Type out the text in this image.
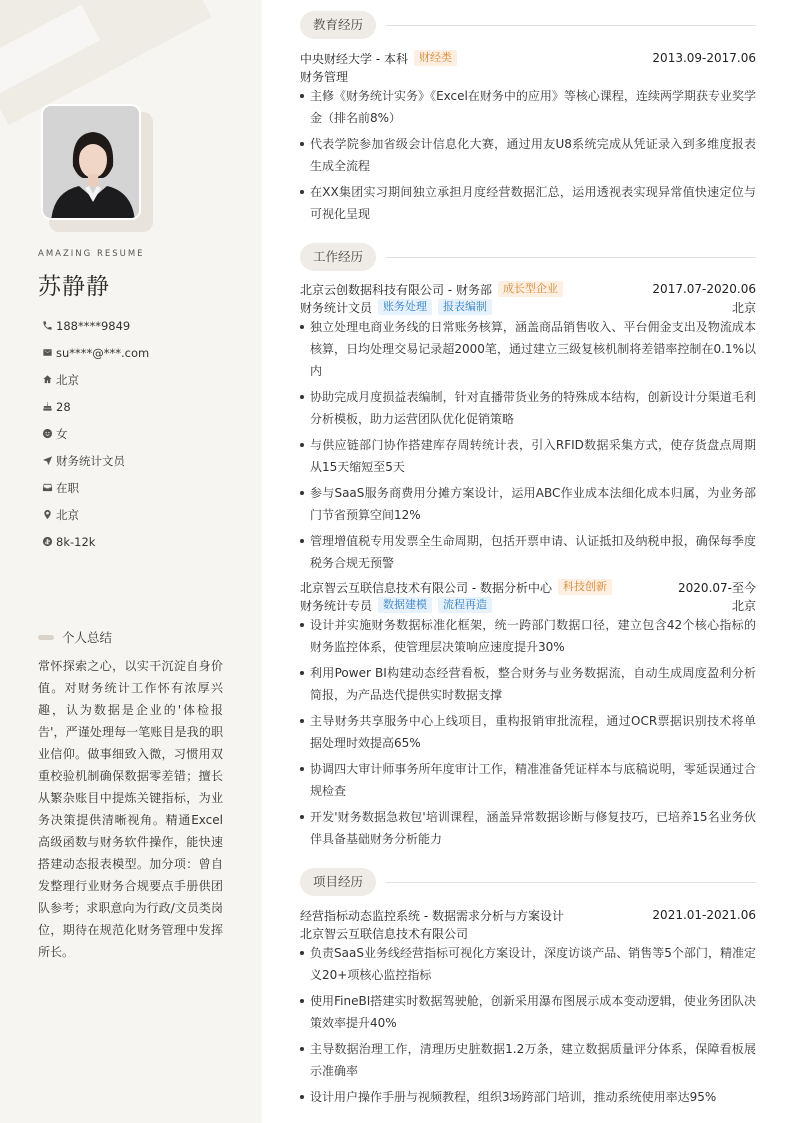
AMAZING RESUME
苏静静
188****9849
su****@***.com
北京
28
女
财务统计文员
在职
北京
8k-12k
个人总结
常怀探索之心，以实干沉淀自身价值。对财务统计工作怀有浓厚兴趣，认为数据是企业的'体检报告'，严谨处理每一笔账目是我的职业信仰。做事细致入微，习惯用双重校验机制确保数据零差错；擅长从繁杂账目中提炼关键指标，为业务决策提供清晰视角。精通Excel高级函数与财务软件操作，能快速搭建动态报表模型。加分项：曾自发整理行业财务合规要点手册供团队参考；求职意向为行政/文员类岗位，期待在规范化财务管理中发挥所长。
教育经历
中央财经大学 - 本科	财经类	2013.09-2017.06
财务管理
主修《财务统计实务》《Excel在财务中的应用》等核心课程，连续两学期获专业奖学金（排名前8%）
代表学院参加省级会计信息化大赛，通过用友U8系统完成从凭证录入到多维度报表生成全流程
在XX集团实习期间独立承担月度经营数据汇总，运用透视表实现异常值快速定位与可视化呈现
工作经历
北京云创数据科技有限公司 - 财务部	成长型企业	2017.07-2020.06
财务统计文员	账务处理	报表编制	北京
独立处理电商业务线的日常账务核算，涵盖商品销售收入、平台佣金支出及物流成本核算，日均处理交易记录超2000笔，通过建立三级复核机制将差错率控制在0.1%以内
协助完成月度损益表编制，针对直播带货业务的特殊成本结构，创新设计分渠道毛利分析模板，助力运营团队优化促销策略
与供应链部门协作搭建库存周转统计表，引入RFID数据采集方式，使存货盘点周期从15天缩短至5天
参与SaaS服务商费用分摊方案设计，运用ABC作业成本法细化成本归属，为业务部门节省预算空间12%
管理增值税专用发票全生命周期，包括开票申请、认证抵扣及纳税申报，确保每季度税务合规无预警
北京智云互联信息技术有限公司 - 数据分析中心	科技创新	2020.07-至今
财务统计专员	数据建模	流程再造	北京
设计并实施财务数据标准化框架，统一跨部门数据口径，建立包含42个核心指标的财务监控体系，使管理层决策响应速度提升30%
利用Power BI构建动态经营看板，整合财务与业务数据流，自动生成周度盈利分析简报，为产品迭代提供实时数据支撑
主导财务共享服务中心上线项目，重构报销审批流程，通过OCR票据识别技术将单据处理时效提高65%
协调四大审计师事务所年度审计工作，精准准备凭证样本与底稿说明，零延误通过合规检查
开发'财务数据急救包'培训课程，涵盖异常数据诊断与修复技巧，已培养15名业务伙伴具备基础财务分析能力
项目经历
经营指标动态监控系统 - 数据需求分析与方案设计	2021.01-2021.06
北京智云互联信息技术有限公司
负责SaaS业务线经营指标可视化方案设计，深度访谈产品、销售等5个部门，精准定义20+项核心监控指标
使用FineBI搭建实时数据驾驶舱，创新采用瀑布图展示成本变动逻辑，使业务团队决策效率提升40%
主导数据治理工作，清理历史脏数据1.2万条，建立数据质量评分体系，保障看板展示准确率
设计用户操作手册与视频教程，组织3场跨部门培训，推动系统使用率达95%
